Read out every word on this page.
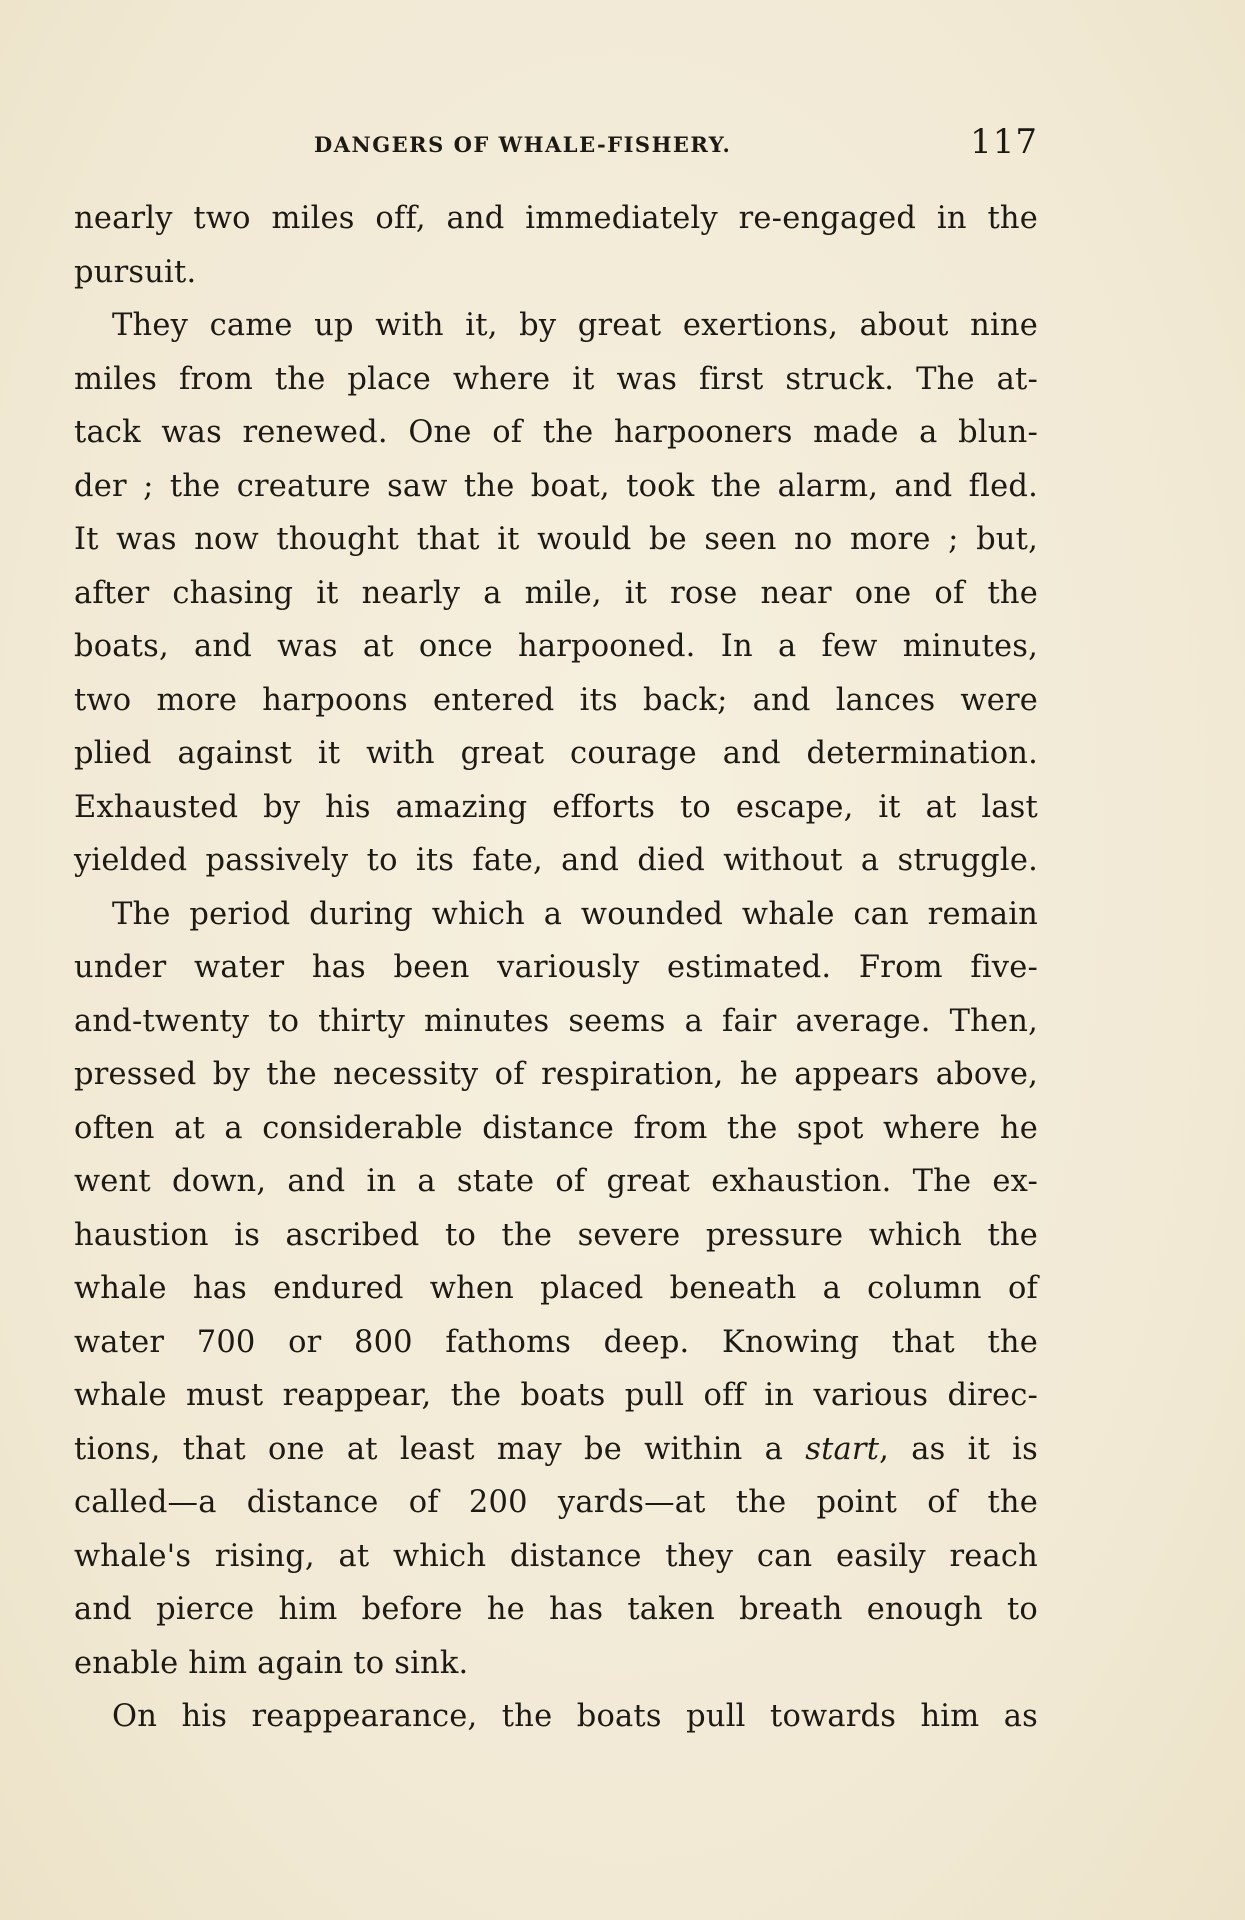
DANGERS OF WHALE-FISHERY.	117
nearly two miles off, and immediately re-engaged in the
pursuit.
They came up with it, by great exertions, about nine
miles from the place where it was first struck. The at-
tack was renewed. One of the harpooners made a blun-
der ; the creature saw the boat, took the alarm, and fled.
It was now thought that it would be seen no more ; but,
after chasing it nearly a mile, it rose near one of the
boats, and was at once harpooned. In a few minutes,
two more harpoons entered its back; and lances were
plied against it with great courage and determination.
Exhausted by his amazing efforts to escape, it at last
yielded passively to its fate, and died without a struggle.
The period during which a wounded whale can remain
under water has been variously estimated. From five-
and-twenty to thirty minutes seems a fair average. Then,
pressed by the necessity of respiration, he appears above,
often at a considerable distance from the spot where he
went down, and in a state of great exhaustion. The ex-
haustion is ascribed to the severe pressure which the
whale has endured when placed beneath a column of
water 700 or 800 fathoms deep. Knowing that the
whale must reappear, the boats pull off in various direc-
tions, that one at least may be within a start, as it is
called—a distance of 200 yards—at the point of the
whale's rising, at which distance they can easily reach
and pierce him before he has taken breath enough to
enable him again to sink.
On his reappearance, the boats pull towards him as
